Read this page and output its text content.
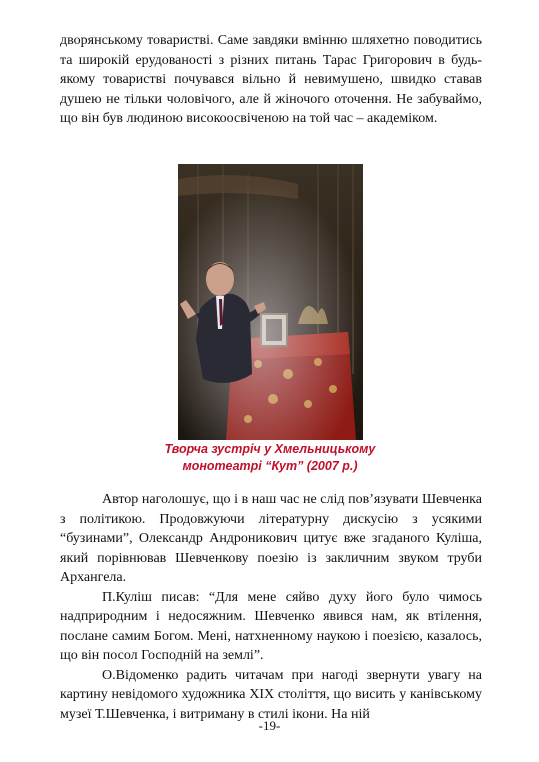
дворянському товаристві. Саме завдяки вмінню шляхетно поводитись та широкій ерудованості з різних питань Тарас Григорович в будь-якому товаристві почувався вільно й невимушено, швидко ставав душею не тільки чоловічого, але й жіночого оточення. Не забуваймо, що він був людиною високоосвіченою на той час – академіком.

Творча зустріч у Хмельницькому
монотеатрі “Кут” (2007 р.)

Автор наголошує, що і в наш час не слід пов’язувати Шевченка з політикою. Продовжуючи літературну дискусію з усякими “бузинами”, Олександр Андроникович цитує вже згаданого Куліша, який порівнював Шевченкову поезію із закличним звуком труби Архангела.

П.Куліш писав: “Для мене сяйво духу його було чимось надприродним і недосяжним. Шевченко явився нам, як втілення, послане самим Богом. Мені, натхненному наукою і поезією, казалось, що він посол Господній на землі”.

О.Відоменко радить читачам при нагоді звернути увагу на картину невідомого художника XIX століття, що висить у канівському музеї Т.Шевченка, і витриману в стилі ікони. На ній

-19-
